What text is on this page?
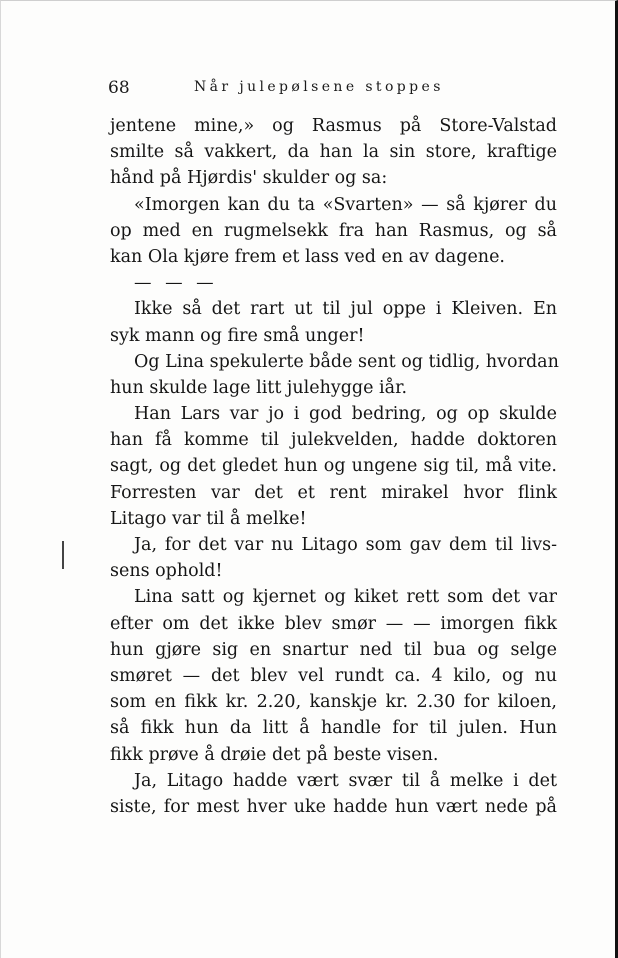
68	Når julepølsene stoppes
jentene mine,» og Rasmus på Store-Valstad
smilte så vakkert, da han la sin store, kraftige
hånd på Hjørdis' skulder og sa:
«Imorgen kan du ta «Svarten» — så kjører du
op med en rugmelsekk fra han Rasmus, og så
kan Ola kjøre frem et lass ved en av dagene.
— — —
Ikke så det rart ut til jul oppe i Kleiven. En
syk mann og fire små unger!
Og Lina spekulerte både sent og tidlig, hvordan
hun skulde lage litt julehygge iår.
Han Lars var jo i god bedring, og op skulde
han få komme til julekvelden, hadde doktoren
sagt, og det gledet hun og ungene sig til, må vite.
Forresten var det et rent mirakel hvor flink
Litago var til å melke!
Ja, for det var nu Litago som gav dem til livs-
sens ophold!
Lina satt og kjernet og kiket rett som det var
efter om det ikke blev smør — — imorgen fikk
hun gjøre sig en snartur ned til bua og selge
smøret — det blev vel rundt ca. 4 kilo, og nu
som en fikk kr. 2.20, kanskje kr. 2.30 for kiloen,
så fikk hun da litt å handle for til julen. Hun
fikk prøve å drøie det på beste visen.
Ja, Litago hadde vært svær til å melke i det
siste, for mest hver uke hadde hun vært nede på
